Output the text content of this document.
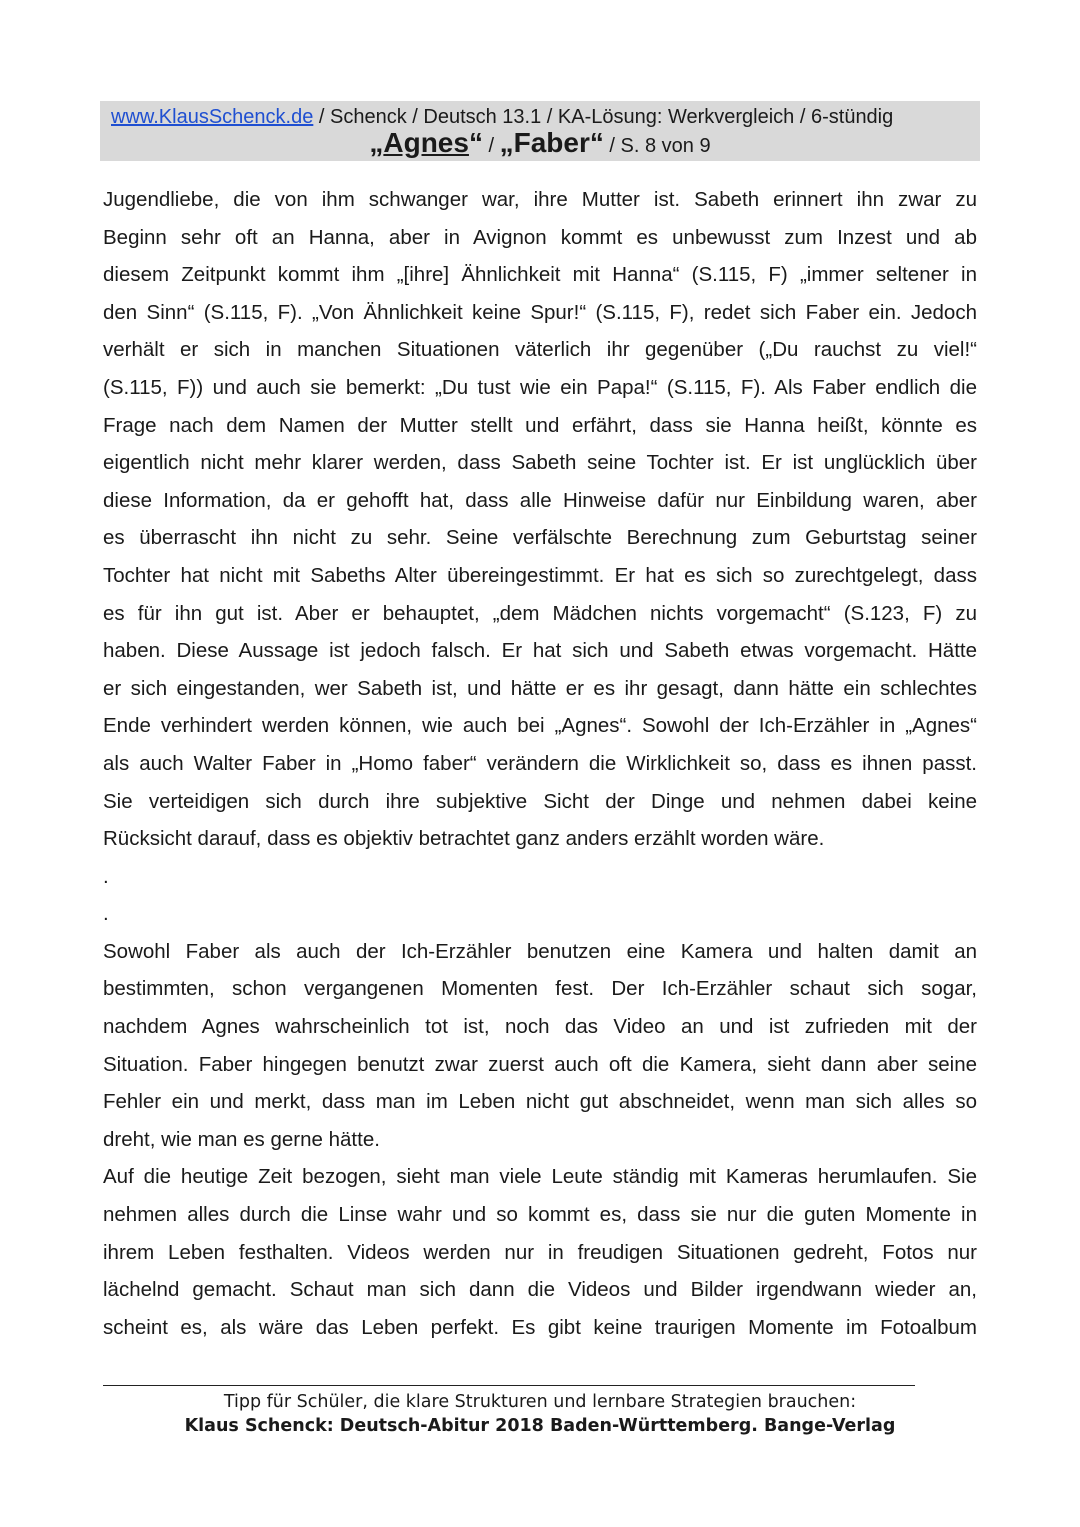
www.KlausSchenck.de / Schenck / Deutsch 13.1 / KA-Lösung: Werkvergleich / 6-stündig
„Agnes“ / „Faber“ / S. 8 von 9

Jugendliebe, die von ihm schwanger war, ihre Mutter ist. Sabeth erinnert ihn zwar zu

Beginn sehr oft an Hanna, aber in Avignon kommt es unbewusst zum Inzest und ab

diesem Zeitpunkt kommt ihm „[ihre] Ähnlichkeit mit Hanna“ (S.115, F) „immer seltener in

den Sinn“ (S.115, F). „Von Ähnlichkeit keine Spur!“ (S.115, F), redet sich Faber ein. Jedoch

verhält er sich in manchen Situationen väterlich ihr gegenüber („Du rauchst zu viel!“

(S.115, F)) und auch sie bemerkt: „Du tust wie ein Papa!“ (S.115, F). Als Faber endlich die

Frage nach dem Namen der Mutter stellt und erfährt, dass sie Hanna heißt, könnte es

eigentlich nicht mehr klarer werden, dass Sabeth seine Tochter ist. Er ist unglücklich über

diese Information, da er gehofft hat, dass alle Hinweise dafür nur Einbildung waren, aber

es überrascht ihn nicht zu sehr. Seine verfälschte Berechnung zum Geburtstag seiner

Tochter hat nicht mit Sabeths Alter übereingestimmt. Er hat es sich so zurechtgelegt, dass

es für ihn gut ist. Aber er behauptet, „dem Mädchen nichts vorgemacht“ (S.123, F) zu

haben. Diese Aussage ist jedoch falsch. Er hat sich und Sabeth etwas vorgemacht. Hätte

er sich eingestanden, wer Sabeth ist, und hätte er es ihr gesagt, dann hätte ein schlechtes

Ende verhindert werden können, wie auch bei „Agnes“. Sowohl der Ich-Erzähler in „Agnes“

als auch Walter Faber in „Homo faber“ verändern die Wirklichkeit so, dass es ihnen passt.

Sie verteidigen sich durch ihre subjektive Sicht der Dinge und nehmen dabei keine

Rücksicht darauf, dass es objektiv betrachtet ganz anders erzählt worden wäre.

.
.

Sowohl Faber als auch der Ich-Erzähler benutzen eine Kamera und halten damit an

bestimmten, schon vergangenen Momenten fest. Der Ich-Erzähler schaut sich sogar,

nachdem Agnes wahrscheinlich tot ist, noch das Video an und ist zufrieden mit der

Situation. Faber hingegen benutzt zwar zuerst auch oft die Kamera, sieht dann aber seine

Fehler ein und merkt, dass man im Leben nicht gut abschneidet, wenn man sich alles so

dreht, wie man es gerne hätte.

Auf die heutige Zeit bezogen, sieht man viele Leute ständig mit Kameras herumlaufen. Sie

nehmen alles durch die Linse wahr und so kommt es, dass sie nur die guten Momente in

ihrem Leben festhalten. Videos werden nur in freudigen Situationen gedreht, Fotos nur

lächelnd gemacht. Schaut man sich dann die Videos und Bilder irgendwann wieder an,

scheint es, als wäre das Leben perfekt. Es gibt keine traurigen Momente im Fotoalbum

Tipp für Schüler, die klare Strukturen und lernbare Strategien brauchen:
Klaus Schenck: Deutsch-Abitur 2018 Baden-Württemberg. Bange-Verlag
